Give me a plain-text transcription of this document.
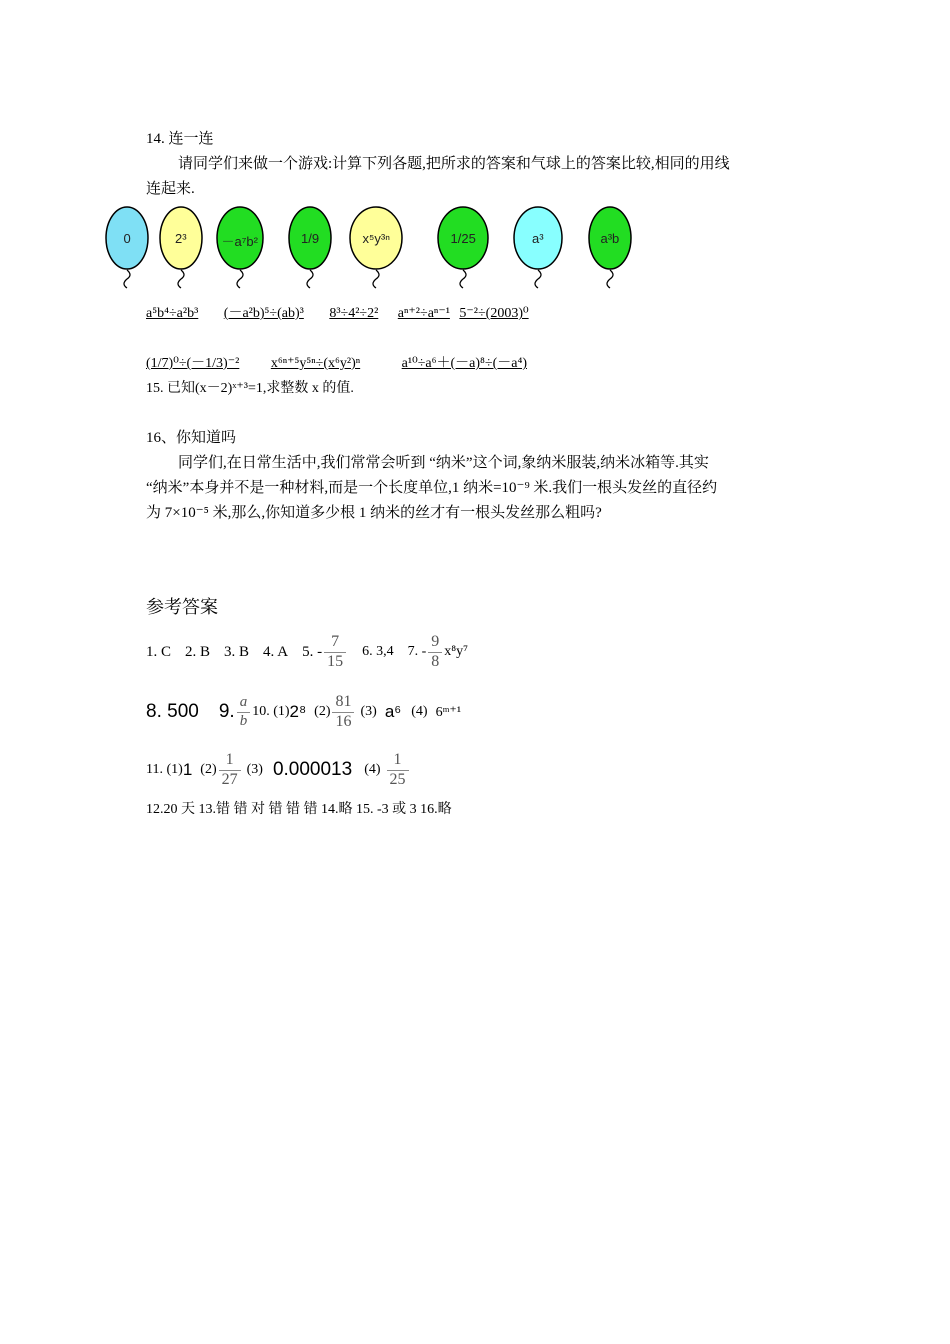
14. 连一连
请同学们来做一个游戏:计算下列各题,把所求的答案和气球上的答案比较,相同的用线
连起来.
0	2³	－a⁷b²	1/9	x⁵y³ⁿ	1/25	a³	a³b
a⁵b⁴÷a²b³ (－a²b)⁵÷(ab)³ 8³÷4²÷2² aⁿ⁺²÷aⁿ⁻¹ 5⁻²÷(2003)⁰
(1/7)⁰÷(－1/3)⁻² x⁶ⁿ⁺⁵y⁵ⁿ÷(x⁶y²)ⁿ	a¹⁰÷a⁶＋(－a)⁸÷(－a⁴)
15. 已知(x－2)ˣ⁺³=1,求整数 x 的值.
16、你知道吗
同学们,在日常生活中,我们常常会听到 “纳米”这个词,象纳米服装,纳米冰箱等.其实
“纳米”本身并不是一种材料,而是一个长度单位,1 纳米=10⁻⁹ 米.我们一根头发丝的直径约
为 7×10⁻⁵ 米,那么,你知道多少根 1 纳米的丝才有一根头发丝那么粗吗?
参考答案
1. C 2. B 3. B 4. A 5. - $\frac{7}{15} 6$. 3,4 7. - $\frac{9}{8} x^8y^7$
8. 500 9. $\frac{a}{b} 10$. (1) 2⁸ $(2) \frac{81}{16} (3)$ a⁶ (4) 6ᵐ⁺¹
11. (1) 1 $(2) \frac{1}{27} (3)$ 0.000013 $(4) \frac{1}{25}$
12.20 天 13.错 错 对 错 错 错 14.略 15. -3 或 3 16.略
